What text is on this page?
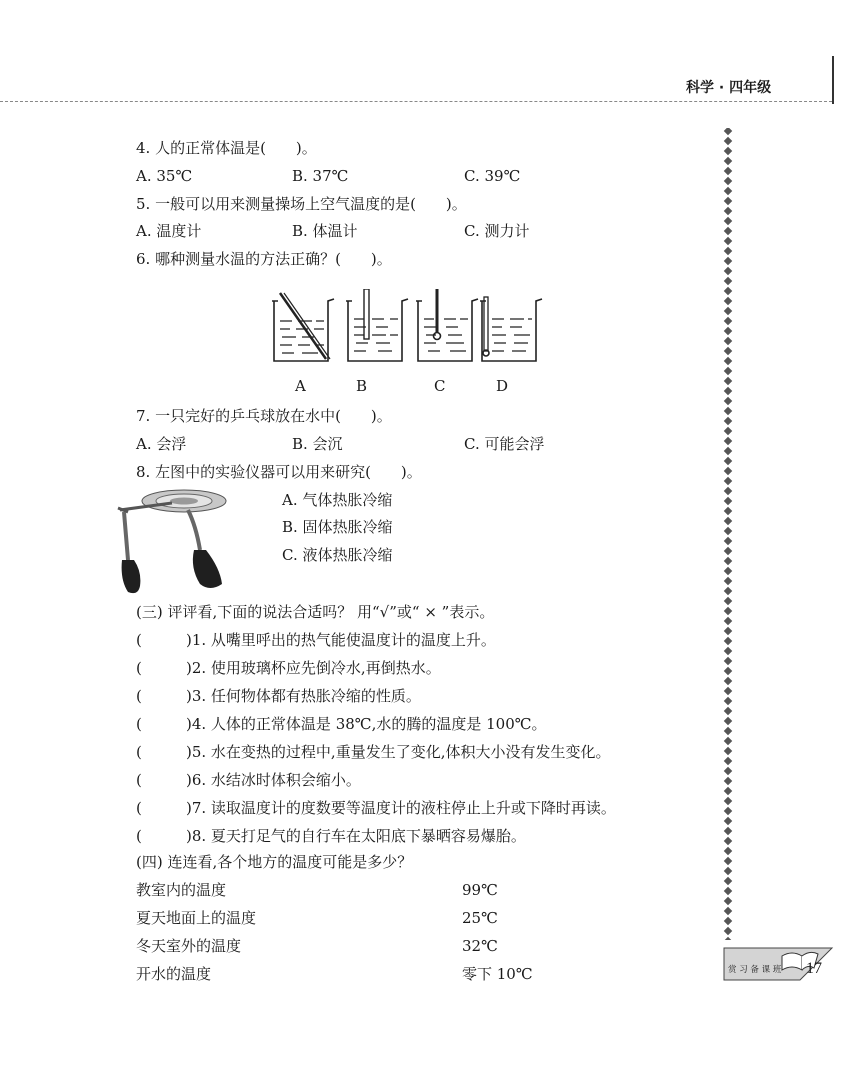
科学 · 四年级
4. 人的正常体温是(　　)。
A. 35℃	B. 37℃	C. 39℃
5. 一般可以用来测量操场上空气温度的是(　　)。
A. 温度计	B. 体温计	C. 测力计
6. 哪种测量水温的方法正确？(　　)。
A	B	C	D
7. 一只完好的乒乓球放在水中(　　)。
A. 会浮	B. 会沉	C. 可能会浮
8. 左图中的实验仪器可以用来研究(　　)。
A. 气体热胀冷缩
B. 固体热胀冷缩
C. 液体热胀冷缩
(三) 评评看,下面的说法合适吗？ 用“√”或“ × ”表示。
(	)1. 从嘴里呼出的热气能使温度计的温度上升。
(	)2. 使用玻璃杯应先倒冷水,再倒热水。
(	)3. 任何物体都有热胀冷缩的性质。
(	)4. 人体的正常体温是 38℃,水的腾的温度是 100℃。
(	)5. 水在变热的过程中,重量发生了变化,体积大小没有发生变化。
(	)6. 水结冰时体积会缩小。
(	)7. 读取温度计的度数要等温度计的液柱停止上升或下降时再读。
(	)8. 夏天打足气的自行车在太阳底下暴晒容易爆胎。
(四) 连连看,各个地方的温度可能是多少？
教室内的温度	99℃
夏天地面上的温度	25℃
冬天室外的温度	32℃
开水的温度	零下 10℃	赏 习 备 课 班 17
